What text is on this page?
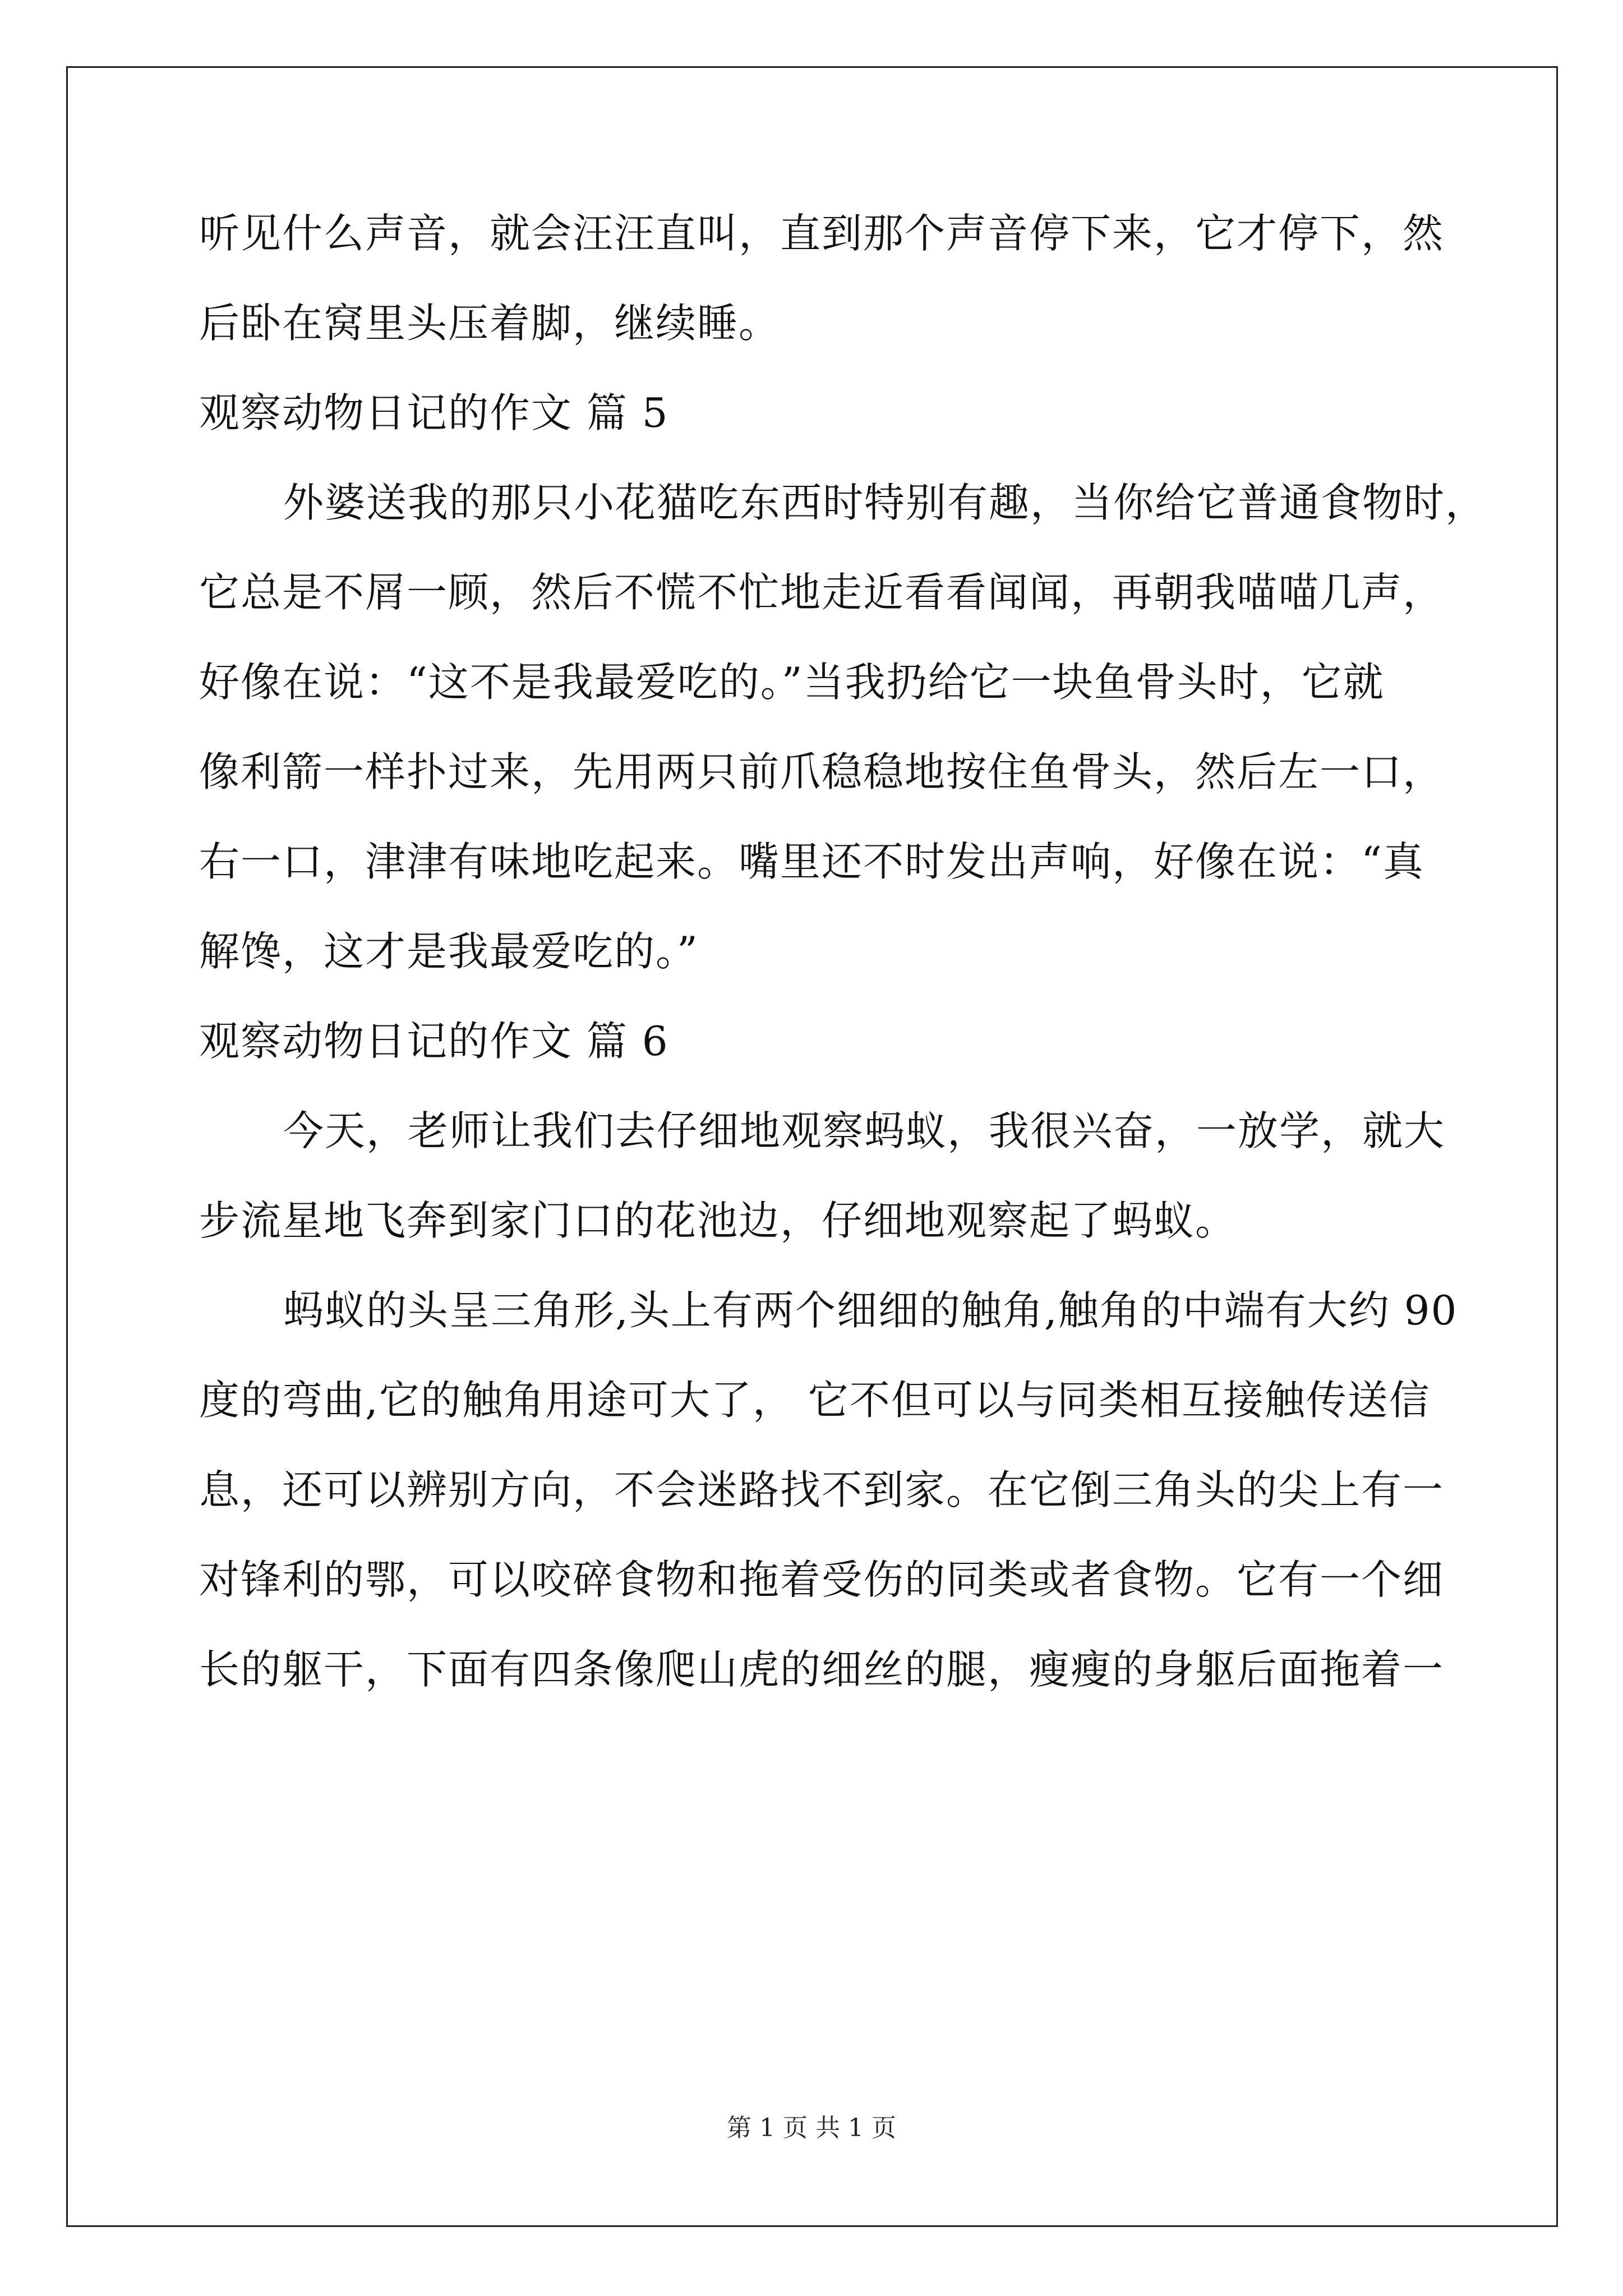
听见什么声音，就会汪汪直叫，直到那个声音停下来，它才停下，然
后卧在窝里头压着脚，继续睡。
观察动物日记的作文 篇 5
外婆送我的那只小花猫吃东西时特别有趣，当你给它普通食物时，
它总是不屑一顾，然后不慌不忙地走近看看闻闻，再朝我喵喵几声，
好像在说：“这不是我最爱吃的。”当我扔给它一块鱼骨头时，它就
像利箭一样扑过来，先用两只前爪稳稳地按住鱼骨头，然后左一口，
右一口，津津有味地吃起来。嘴里还不时发出声响，好像在说：“真
解馋，这才是我最爱吃的。”
观察动物日记的作文 篇 6
今天，老师让我们去仔细地观察蚂蚁，我很兴奋，一放学，就大
步流星地飞奔到家门口的花池边，仔细地观察起了蚂蚁。
蚂蚁的头呈三角形,头上有两个细细的触角,触角的中端有大约 90
度的弯曲,它的触角用途可大了， 它不但可以与同类相互接触传送信
息，还可以辨别方向，不会迷路找不到家。在它倒三角头的尖上有一
对锋利的鄂，可以咬碎食物和拖着受伤的同类或者食物。它有一个细
长的躯干，下面有四条像爬山虎的细丝的腿，瘦瘦的身躯后面拖着一
第 1 页 共 1 页
